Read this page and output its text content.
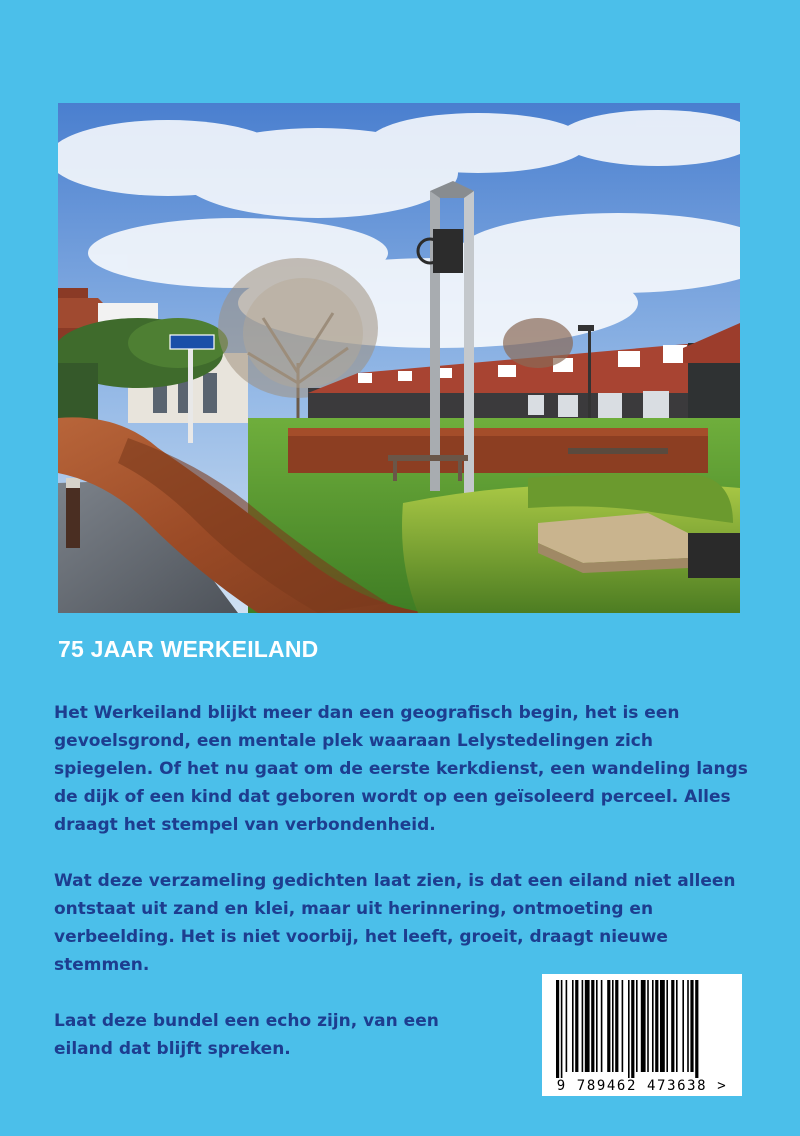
75 JAAR WERKEILAND

Het Werkeiland blijkt meer dan een geografisch begin, het is een gevoelsgrond, een mentale plek waaraan Lelystedelingen zich spiegelen. Of het nu gaat om de eerste kerkdienst, een wandeling langs de dijk of een kind dat geboren wordt op een geïsoleerd perceel. Alles draagt het stempel van verbondenheid.

Wat deze verzameling gedichten laat zien, is dat een eiland niet alleen ontstaat uit zand en klei, maar uit herinnering, ontmoeting en verbeelding. Het is niet voorbij, het leeft, groeit, draagt nieuwe stemmen.

Laat deze bundel een echo zijn, van een eiland dat blijft spreken.

9 789462 473638 >
